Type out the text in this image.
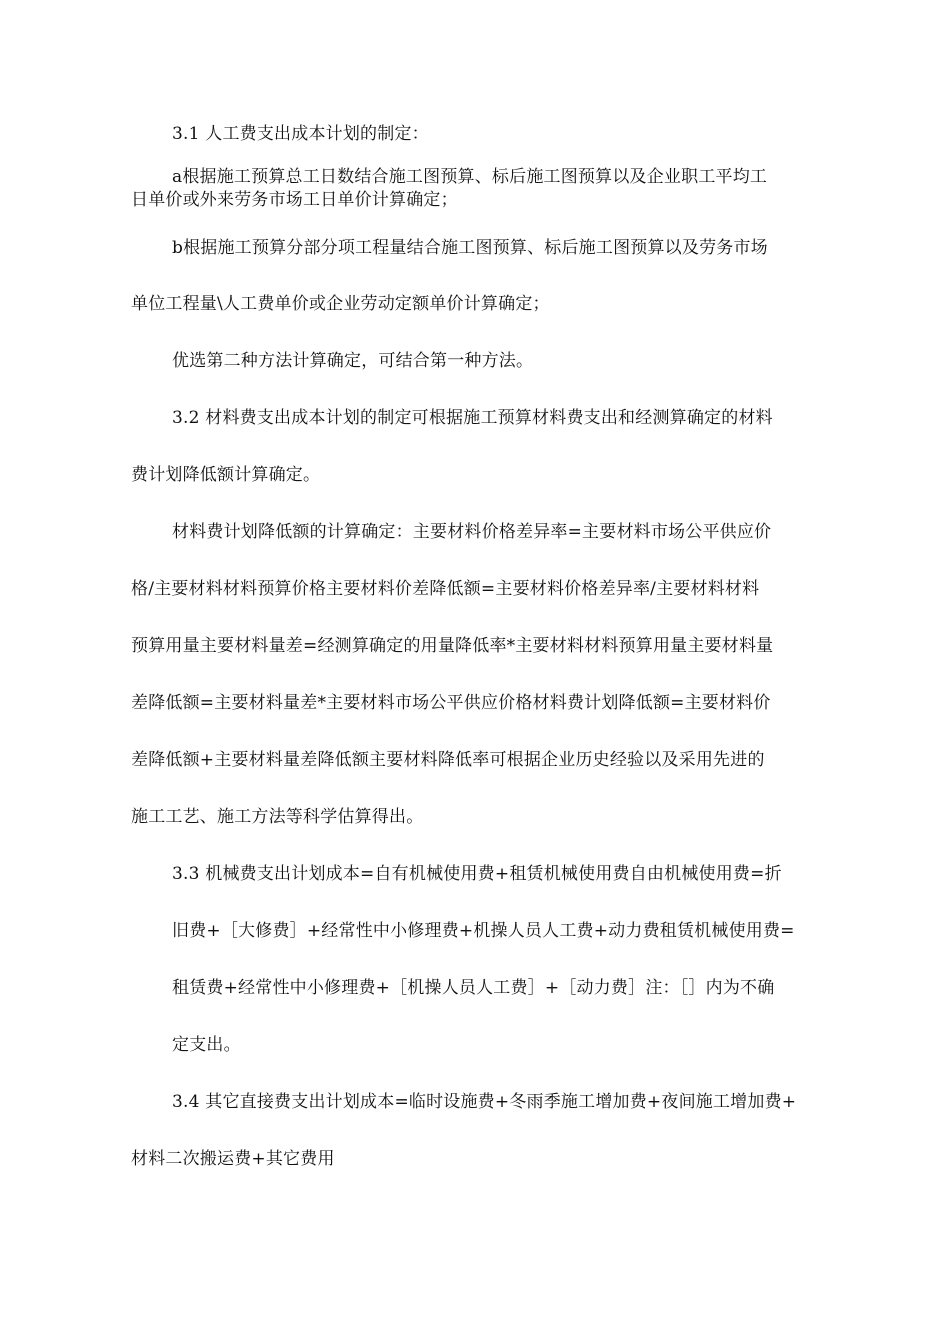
3.1 人工费支出成本计划的制定：
a根据施工预算总工日数结合施工图预算、标后施工图预算以及企业职工平均工
日单价或外来劳务市场工日单价计算确定；
b根据施工预算分部分项工程量结合施工图预算、标后施工图预算以及劳务市场
单位工程量\人工费单价或企业劳动定额单价计算确定；
优选第二种方法计算确定，可结合第一种方法。
3.2 材料费支出成本计划的制定可根据施工预算材料费支出和经测算确定的材料
费计划降低额计算确定。
材料费计划降低额的计算确定：主要材料价格差异率=主要材料市场公平供应价
格/主要材料材料预算价格主要材料价差降低额=主要材料价格差异率/主要材料材料
预算用量主要材料量差=经测算确定的用量降低率*主要材料材料预算用量主要材料量
差降低额=主要材料量差*主要材料市场公平供应价格材料费计划降低额=主要材料价
差降低额+主要材料量差降低额主要材料降低率可根据企业历史经验以及采用先进的
施工工艺、施工方法等科学估算得出。
3.3 机械费支出计划成本=自有机械使用费+租赁机械使用费自由机械使用费=折
旧费+［大修费］+经常性中小修理费+机操人员人工费+动力费租赁机械使用费=
租赁费+经常性中小修理费+［机操人员人工费］+［动力费］注：［］内为不确
定支出。
3.4 其它直接费支出计划成本=临时设施费+冬雨季施工增加费+夜间施工增加费+
材料二次搬运费+其它费用
